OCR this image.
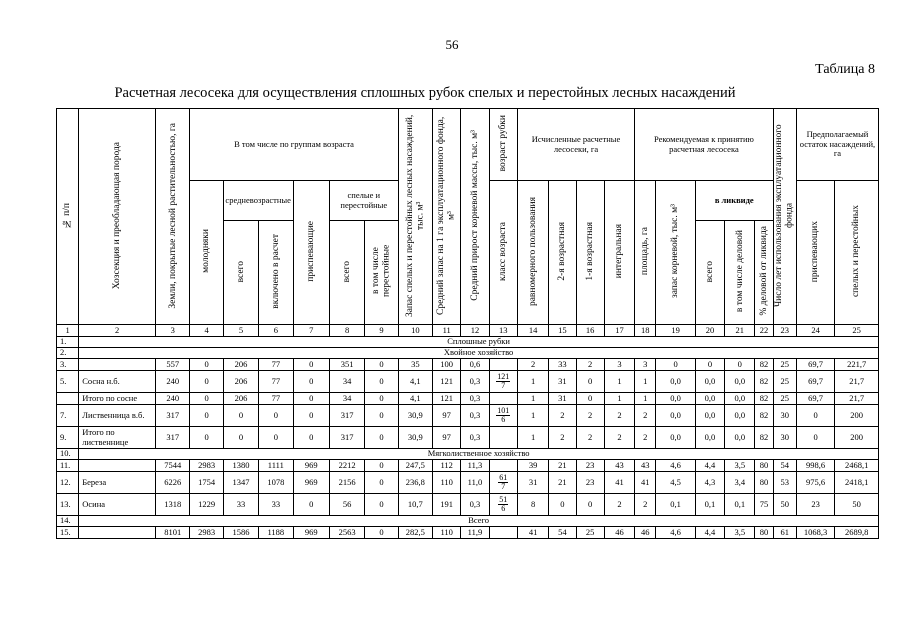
56
Таблица 8
Расчетная лесосека для осуществления сплошных рубок спелых и перестойных лесных насаждений
№ п/п	Хозсекция и преобладающая порода	Земли, покрытые лесной растительностью, га	В том числе по группам возраста						Запас спелых и перестойных лесных насаждений, тыс. м³	Средний запас на 1 га эксплуатационного фонда, м³	Средний прирост корневой массы, тыс. м³	возраст рубки	Исчисленные расчетные лесосеки, га				Рекомендуемая к принятию расчетная лесосека					Число лет использования эксплуатационного фонда	Предполагаемый остаток насаждений, га	
			молодняки	средневозрастные		приспевающие	спелые и перестойные					класс возраста	равномерного пользования	2-я возрастная	1-я возрастная	интегральная	площадь, га	запас корневой, тыс. м³	в ликвиде				приспевающих	спелых и перестойных
				всего	включено в расчет		всего	в том числе перестойные											всего	в том числе деловой	% деловой от ликвида			
1	2	3	4	5	6	7	8	9	10	11	12	13	14	15	16	17	18	19	20	21	22	23	24	25
1.	Сплошные рубки																							
2.	Хвойное хозяйство																							
3.		557	0	206	77	0	351	0	35	100	0,6		2	33	2	3	3	0	0	0	82	25	69,7	221,7
5.	Сосна н.б.	240	0	206	77	0	34	0	4,1	121	0,3	$\frac{121}{7}$	1	31	0	1	1	0,0	0,0	0,0	82	25	69,7	21,7
	Итого по сосне	240	0	206	77	0	34	0	4,1	121	0,3		1	31	0	1	1	0,0	0,0	0,0	82	25	69,7	21,7
7.	Лиственница в.б.	317	0	0	0	0	317	0	30,9	97	0,3	$\frac{101}{6}$	1	2	2	2	2	0,0	0,0	0,0	82	30	0	200
9.	Итого по лиственнице	317	0	0	0	0	317	0	30,9	97	0,3		1	2	2	2	2	0,0	0,0	0,0	82	30	0	200
10.	Мягколиственное хозяйство																							
11.		7544	2983	1380	1111	969	2212	0	247,5	112	11,3		39	21	23	43	43	4,6	4,4	3,5	80	54	998,6	2468,1
12.	Береза	6226	1754	1347	1078	969	2156	0	236,8	110	11,0	$\frac{61}{7}$	31	21	23	41	41	4,5	4,3	3,4	80	53	975,6	2418,1
13.	Осина	1318	1229	33	33	0	56	0	10,7	191	0,3	$\frac{51}{6}$	8	0	0	2	2	0,1	0,1	0,1	75	50	23	50
14.	Всего																							
15.		8101	2983	1586	1188	969	2563	0	282,5	110	11,9		41	54	25	46	46	4,6	4,4	3,5	80	61	1068,3	2689,8
